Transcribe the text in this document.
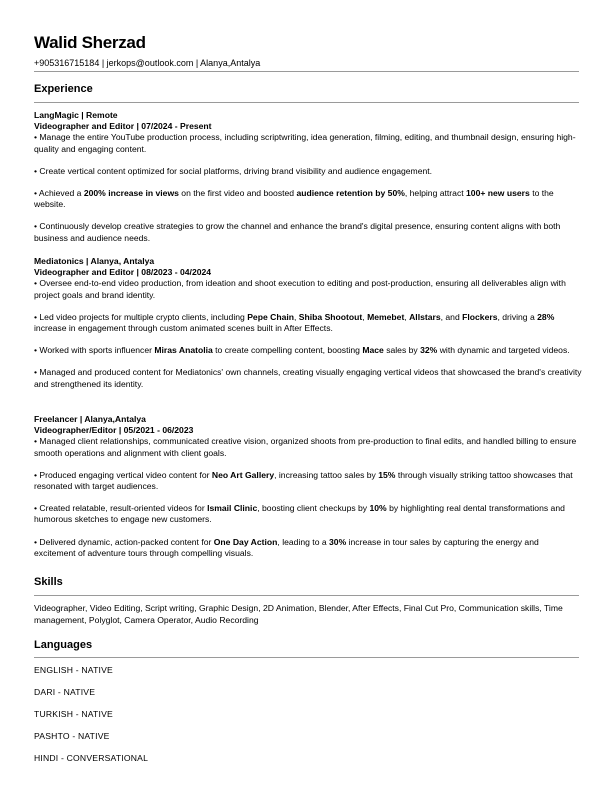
Walid Sherzad
+905316715184 | jerkops@outlook.com | Alanya,Antalya
Experience
LangMagic | Remote
Videographer and Editor | 07/2024 - Present

• Manage the entire YouTube production process, including scriptwriting, idea generation, filming, editing, and thumbnail design, ensuring high-quality and engaging content.

• Create vertical content optimized for social platforms, driving brand visibility and audience engagement.

• Achieved a 200% increase in views on the first video and boosted audience retention by 50%, helping attract 100+ new users to the website.

• Continuously develop creative strategies to grow the channel and enhance the brand's digital presence, ensuring content aligns with both business and audience needs.

Mediatonics | Alanya, Antalya
Videographer and Editor | 08/2023 - 04/2024

• Oversee end-to-end video production, from ideation and shoot execution to editing and post-production, ensuring all deliverables align with project goals and brand identity.

• Led video projects for multiple crypto clients, including Pepe Chain, Shiba Shootout, Memebet, Allstars, and Flockers, driving a 28% increase in engagement through custom animated scenes built in After Effects.

• Worked with sports influencer Miras Anatolia to create compelling content, boosting Mace sales by 32% with dynamic and targeted videos.

• Managed and produced content for Mediatonics' own channels, creating visually engaging vertical videos that showcased the brand's creativity and strengthened its identity.

Freelancer | Alanya,Antalya
Videographer/Editor | 05/2021 - 06/2023

• Managed client relationships, communicated creative vision, organized shoots from pre-production to final edits, and handled billing to ensure smooth operations and alignment with client goals.

• Produced engaging vertical video content for Neo Art Gallery, increasing tattoo sales by 15% through visually striking tattoo showcases that resonated with target audiences.

• Created relatable, result-oriented videos for Ismail Clinic, boosting client checkups by 10% by highlighting real dental transformations and humorous sketches to engage new customers.

• Delivered dynamic, action-packed content for One Day Action, leading to a 30% increase in tour sales by capturing the energy and excitement of adventure tours through compelling visuals.

Skills
Videographer, Video Editing, Script writing, Graphic Design, 2D Animation, Blender, After Effects, Final Cut Pro, Communication skills, Time management, Polyglot, Camera Operator, Audio Recording
Languages
ENGLISH - NATIVE
DARI - NATIVE
TURKISH - NATIVE
PASHTO - NATIVE
HINDI - CONVERSATIONAL
